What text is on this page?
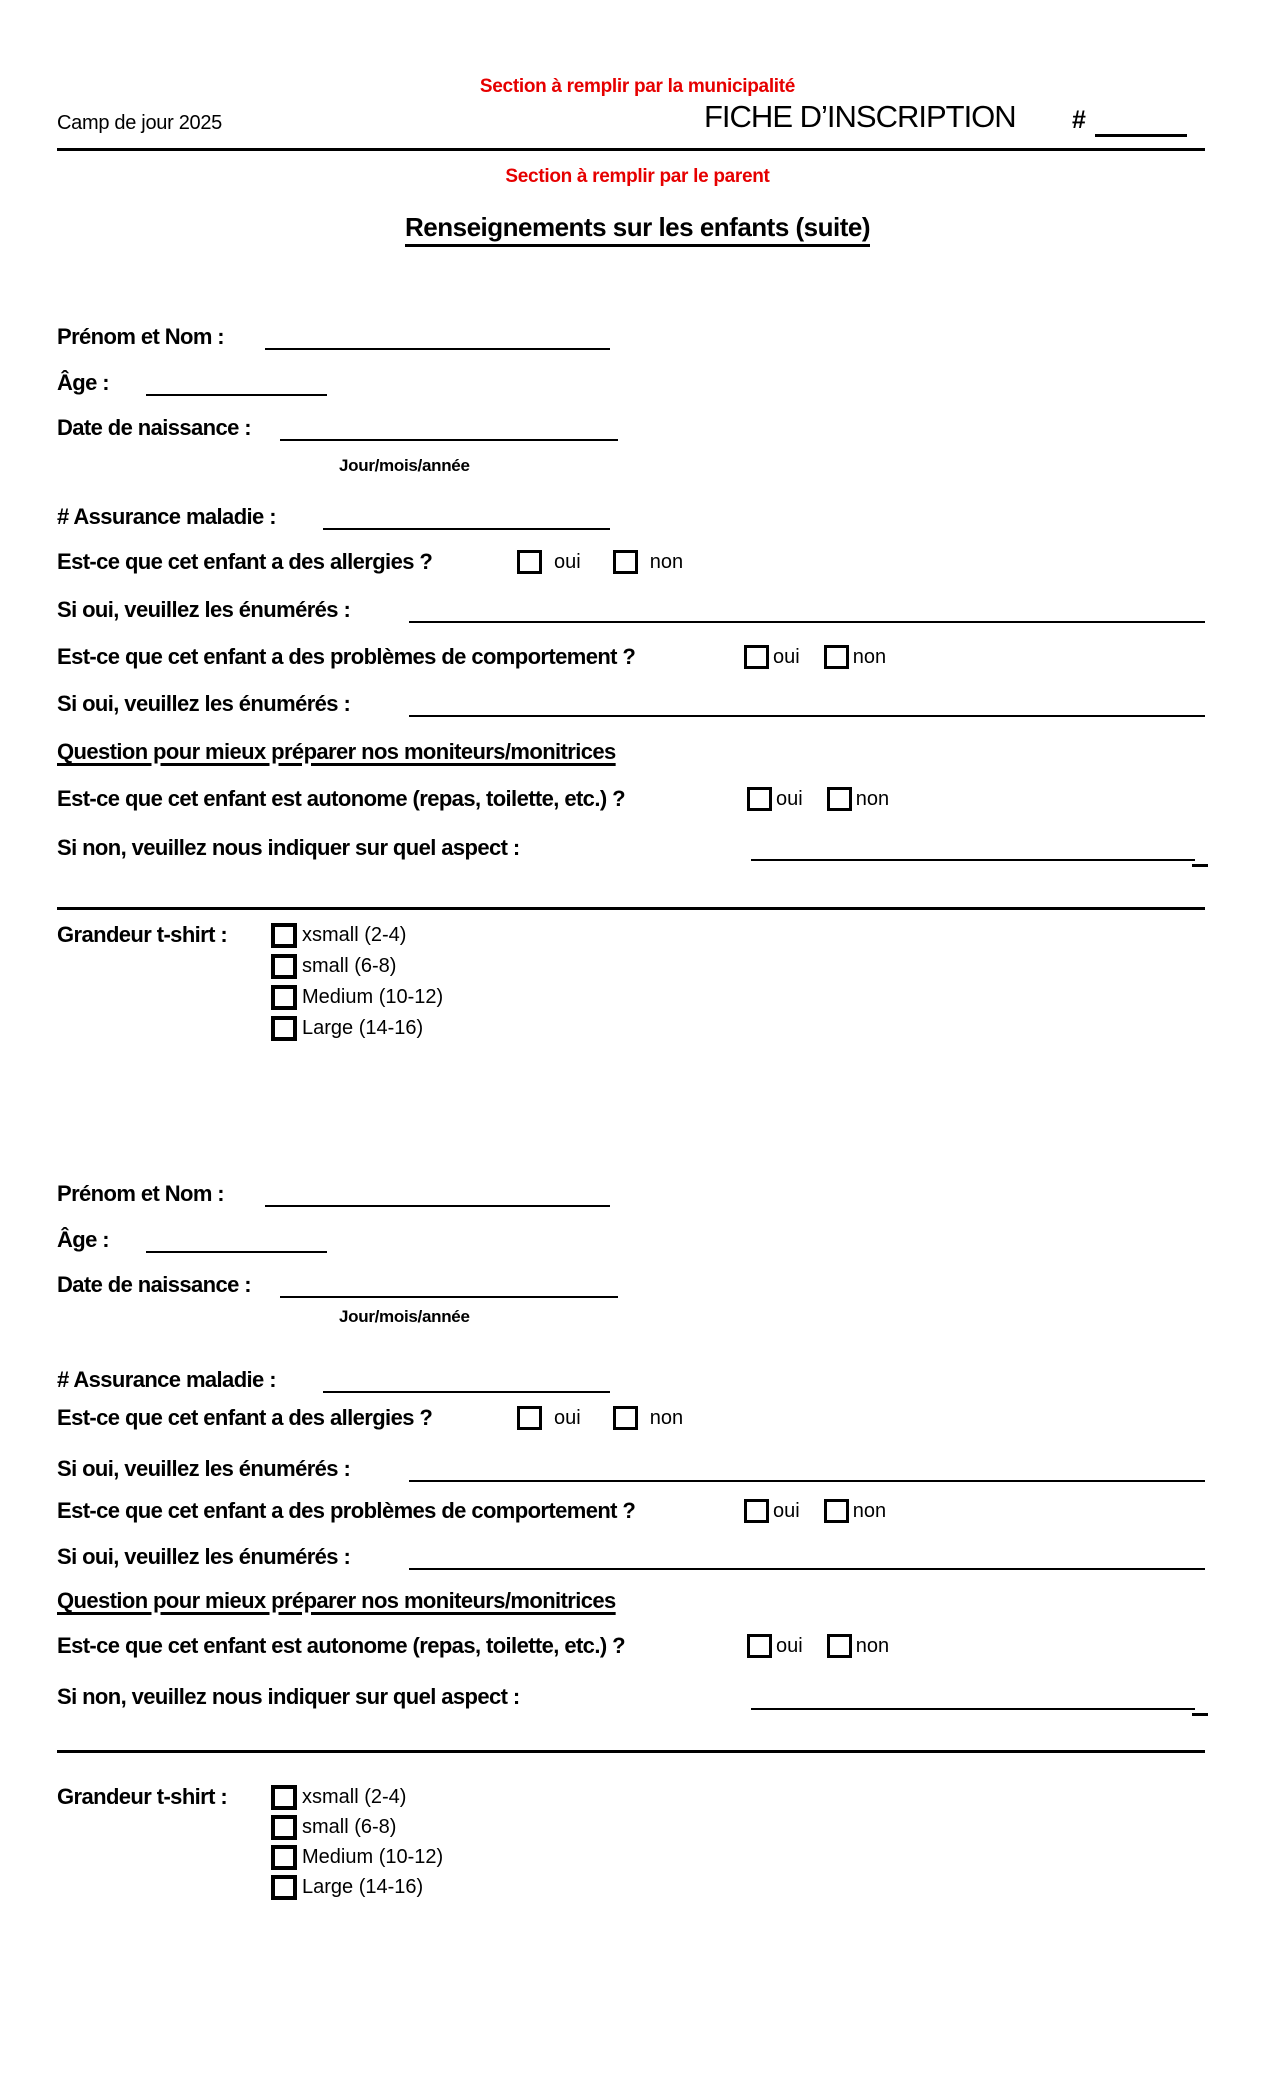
Section à remplir par la municipalité
Camp de jour 2025	FICHE D’INSCRIPTION #
Section à remplir par le parent
Renseignements sur les enfants (suite)
Prénom et Nom :
Âge :
Date de naissance :
Jour/mois/année
# Assurance maladie :
Est-ce que cet enfant a des allergies ?	oui	non
Si oui, veuillez les énumérés :
Est-ce que cet enfant a des problèmes de comportement ?	oui	non
Si oui, veuillez les énumérés :
Question pour mieux préparer nos moniteurs/monitrices
Est-ce que cet enfant est autonome (repas, toilette, etc.) ?	oui	non
Si non, veuillez nous indiquer sur quel aspect :
Grandeur t-shirt :	xsmall (2-4)
small (6-8)
Medium (10-12)
Large (14-16)
Prénom et Nom :
Âge :
Date de naissance :
Jour/mois/année
# Assurance maladie :
Est-ce que cet enfant a des allergies ?	oui	non
Si oui, veuillez les énumérés :
Est-ce que cet enfant a des problèmes de comportement ?	oui	non
Si oui, veuillez les énumérés :
Question pour mieux préparer nos moniteurs/monitrices
Est-ce que cet enfant est autonome (repas, toilette, etc.) ?	oui	non
Si non, veuillez nous indiquer sur quel aspect :
Grandeur t-shirt :	xsmall (2-4)
small (6-8)
Medium (10-12)
Large (14-16)
